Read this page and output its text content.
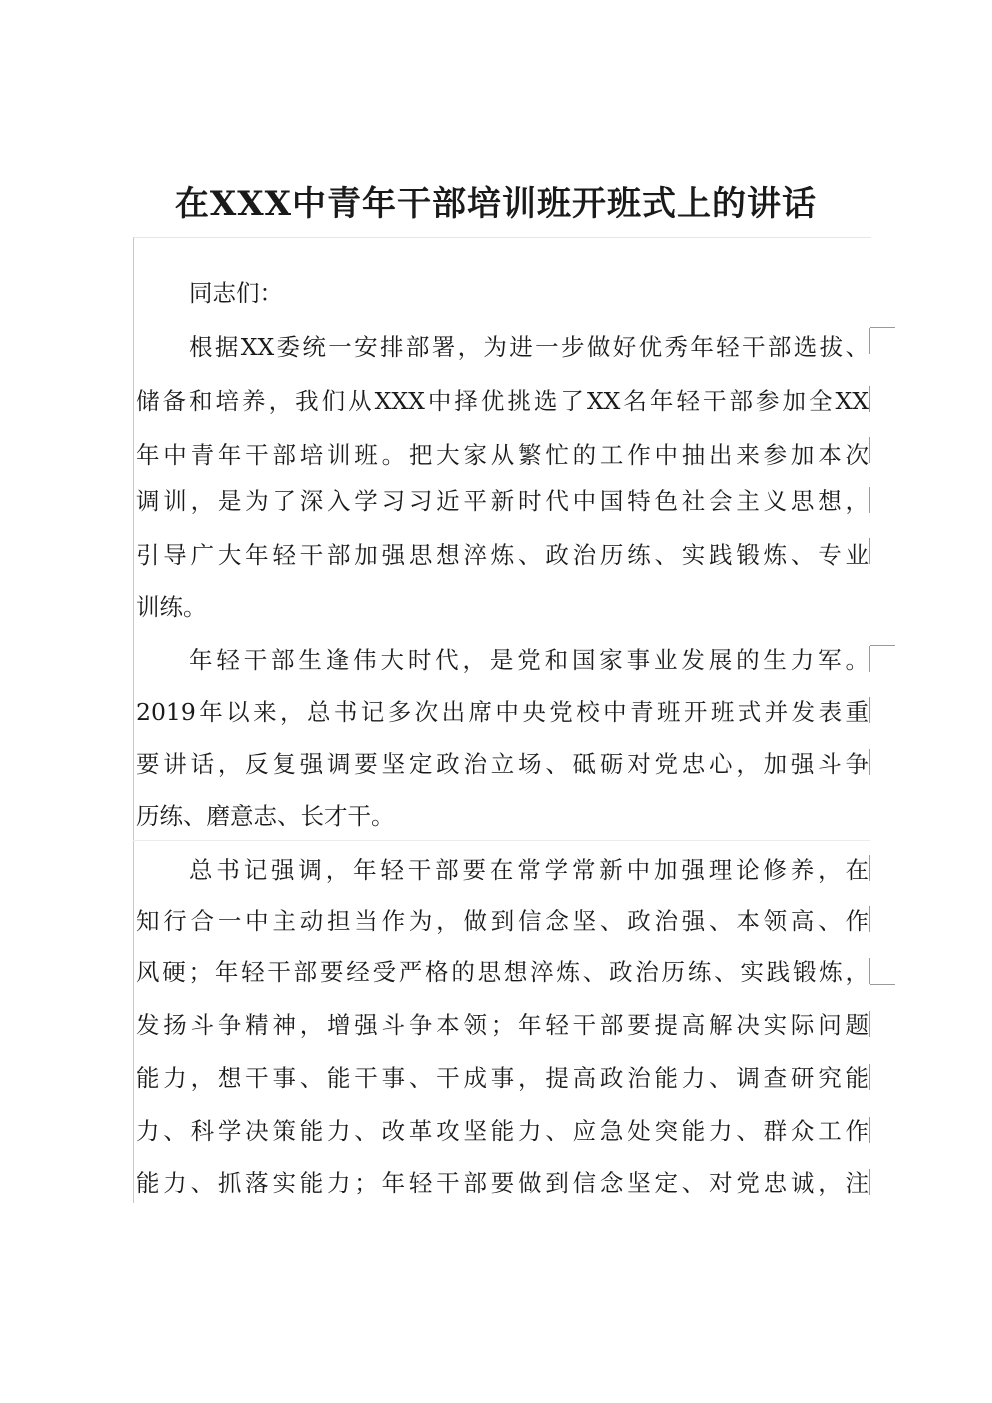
在XXX中青年干部培训班开班式上的讲话
同志们：
根据XX委统一安排部署，为进一步做好优秀年轻干部选拔、
储备和培养，我们从XXX中择优挑选了XX名年轻干部参加全XX
年中青年干部培训班。把大家从繁忙的工作中抽出来参加本次
调训，是为了深入学习习近平新时代中国特色社会主义思想，
引导广大年轻干部加强思想淬炼、政治历练、实践锻炼、专业
训练。
年轻干部生逢伟大时代，是党和国家事业发展的生力军。
2019年以来，总书记多次出席中央党校中青班开班式并发表重
要讲话，反复强调要坚定政治立场、砥砺对党忠心，加强斗争
历练、磨意志、长才干。
总书记强调，年轻干部要在常学常新中加强理论修养，在
知行合一中主动担当作为，做到信念坚、政治强、本领高、作
风硬；年轻干部要经受严格的思想淬炼、政治历练、实践锻炼，
发扬斗争精神，增强斗争本领；年轻干部要提高解决实际问题
能力，想干事、能干事、干成事，提高政治能力、调查研究能
力、科学决策能力、改革攻坚能力、应急处突能力、群众工作
能力、抓落实能力；年轻干部要做到信念坚定、对党忠诚，注
